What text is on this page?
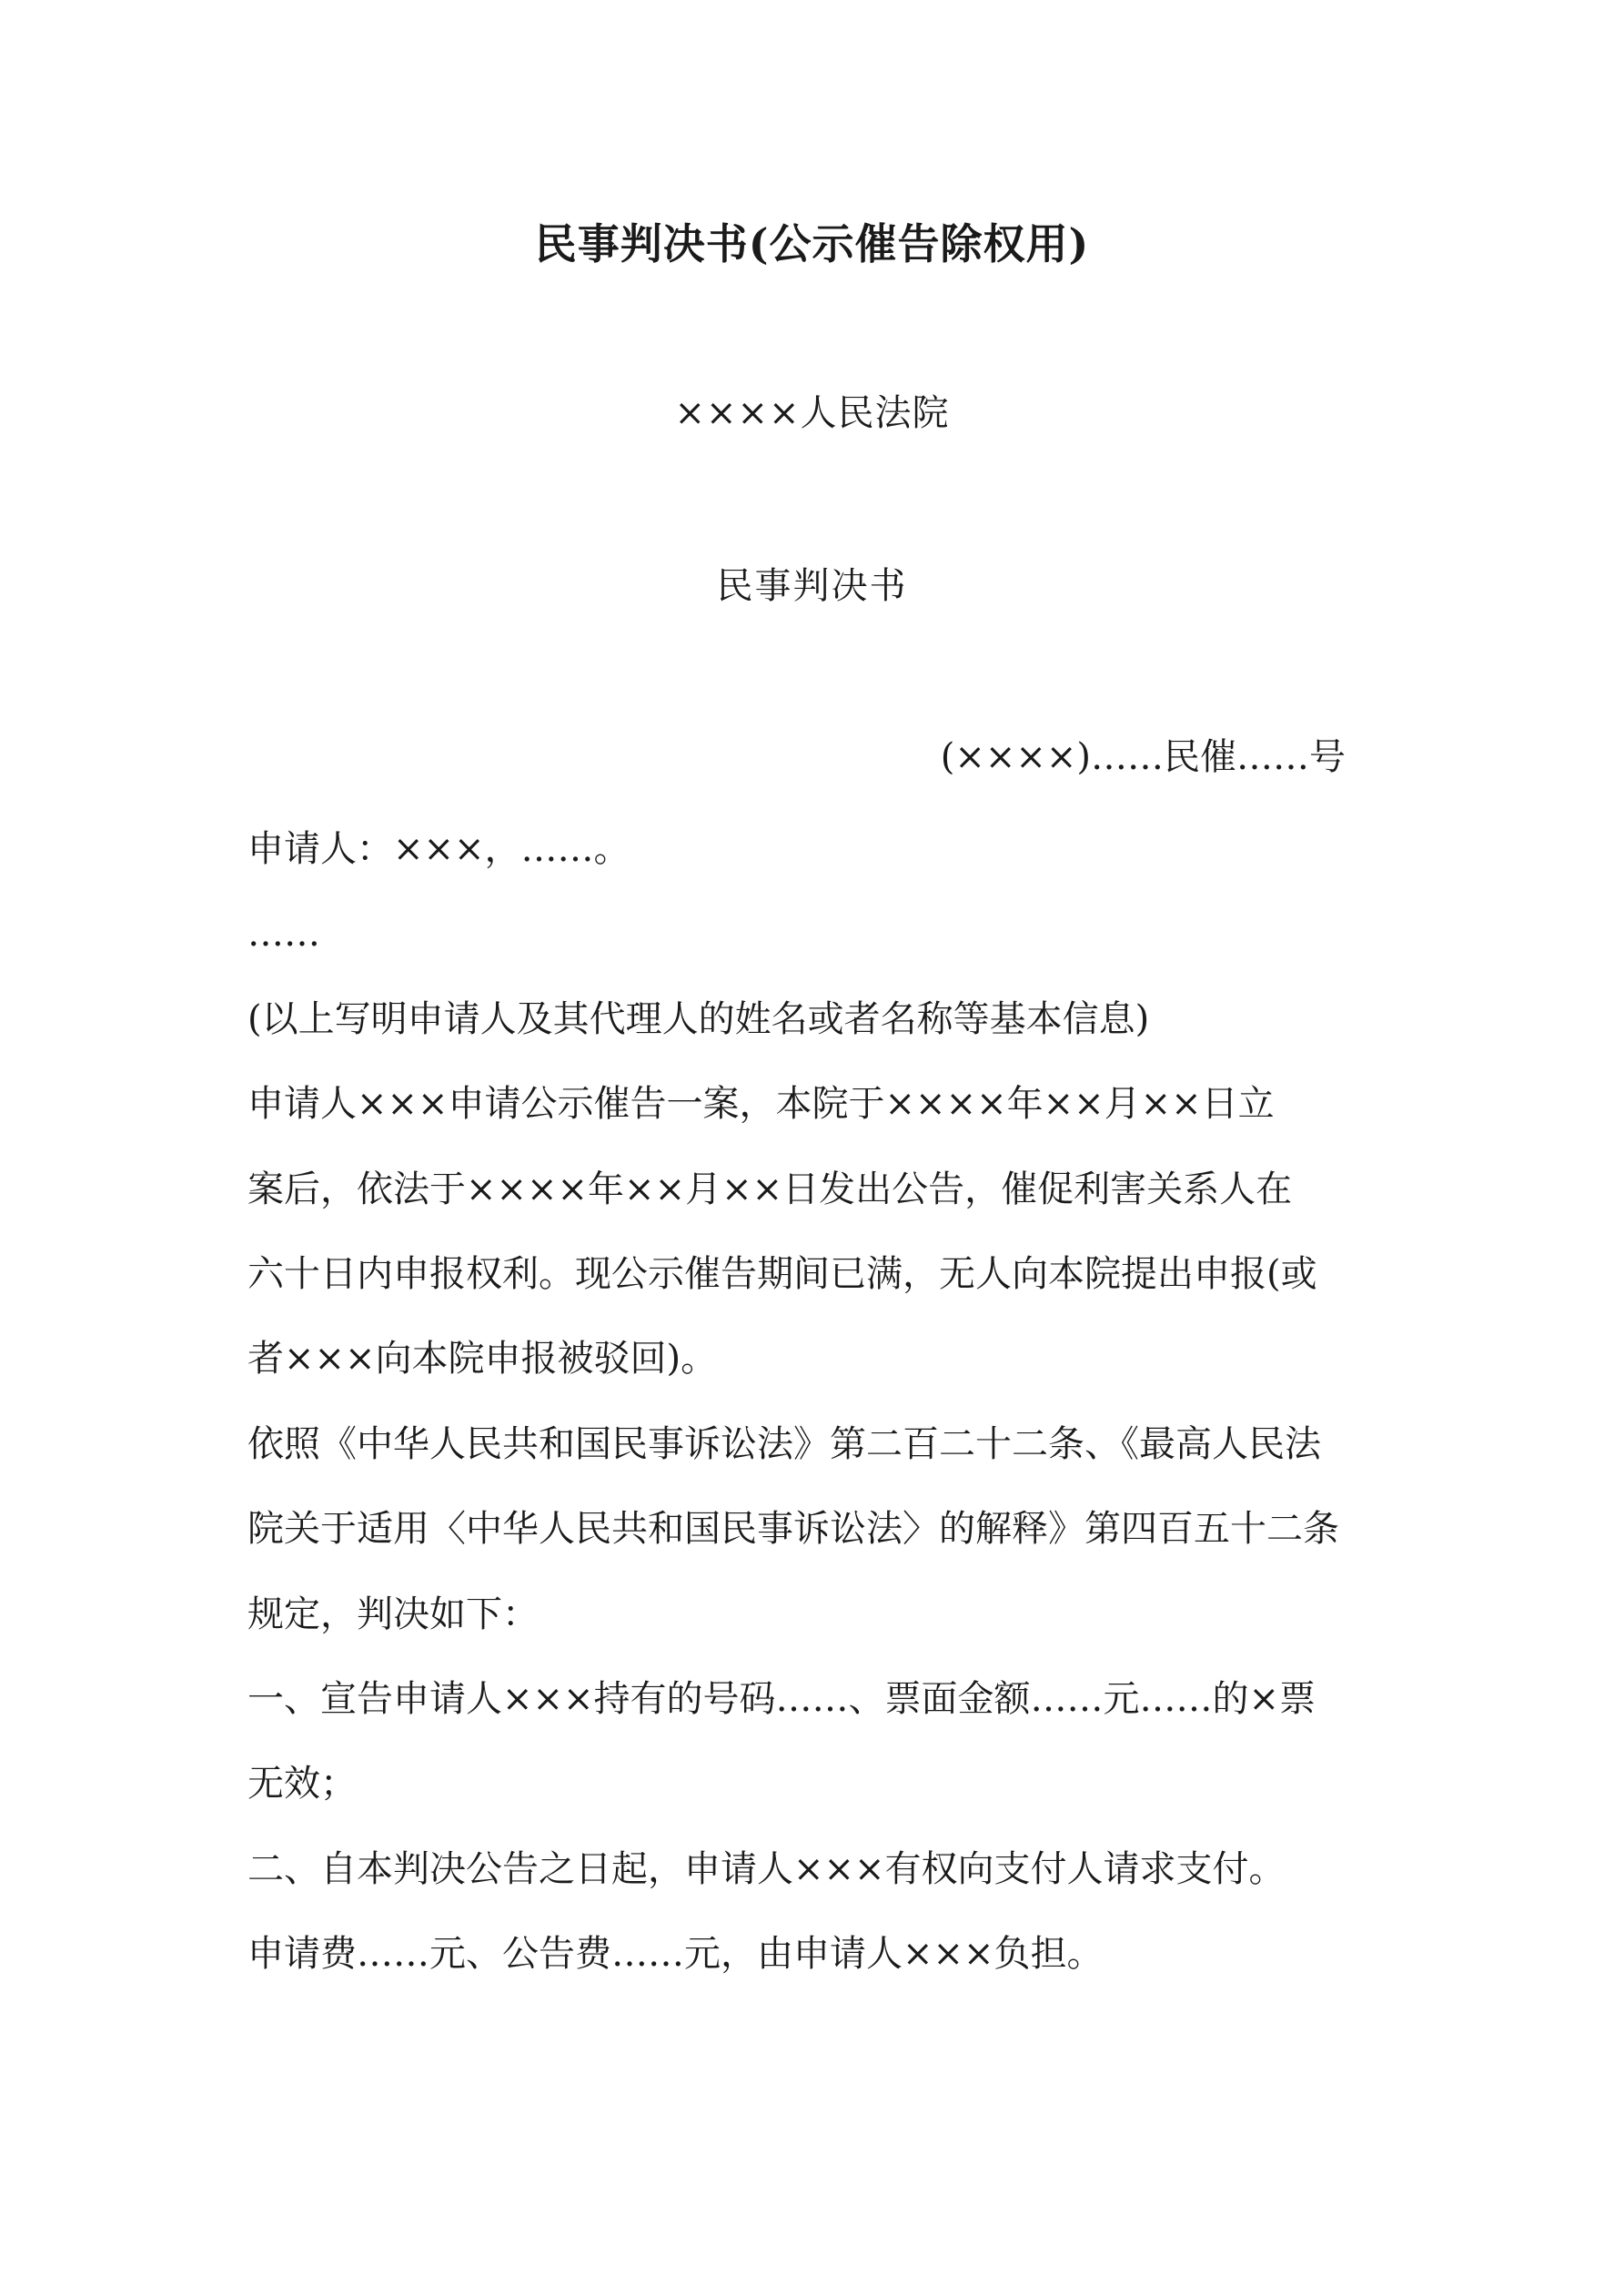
民事判决书(公示催告除权用)
××××人民法院
民事判决书
(××××)……民催……号
申请人：×××，……。
……
(以上写明申请人及其代理人的姓名或者名称等基本信息)
申请人×××申请公示催告一案，本院于××××年××月××日立
案后，依法于××××年××月××日发出公告，催促利害关系人在
六十日内申报权利。现公示催告期间已满，无人向本院提出申报(或
者×××向本院申报被驳回)。
依照《中华人民共和国民事诉讼法》第二百二十二条、《最高人民法
院关于适用〈中华人民共和国民事诉讼法〉的解释》第四百五十二条
规定，判决如下：
一、宣告申请人×××持有的号码……、票面金额……元……的×票
无效；
二、自本判决公告之日起，申请人×××有权向支付人请求支付。
申请费……元、公告费……元，由申请人×××负担。
